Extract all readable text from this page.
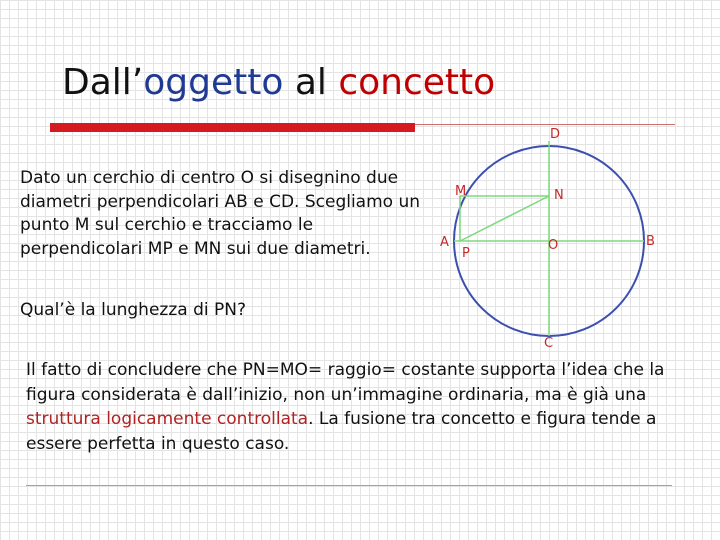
Dall’oggetto al concetto
Dato un cerchio di centro O si disegnino due diametri perpendicolari AB e CD. Scegliamo un punto M sul cerchio e tracciamo le perpendicolari MP e MN sui due diametri.
Qual’è la lunghezza di PN?
Il fatto di concludere che PN=MO= raggio= costante supporta l’idea che la figura considerata è dall’inizio, non un’immagine ordinaria, ma è già una struttura logicamente controllata. La fusione tra concetto e figura tende a essere perfetta in questo caso.
D
M	N
A
P
O	B
C
